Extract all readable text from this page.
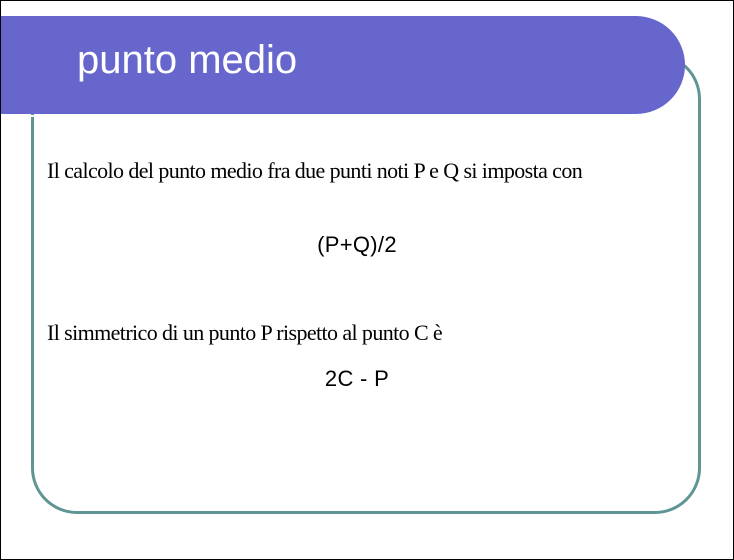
punto medio

Il calcolo del punto medio fra due punti noti P e Q si imposta con

(P+Q)/2

Il simmetrico di un punto P rispetto al punto C è

2C - P
